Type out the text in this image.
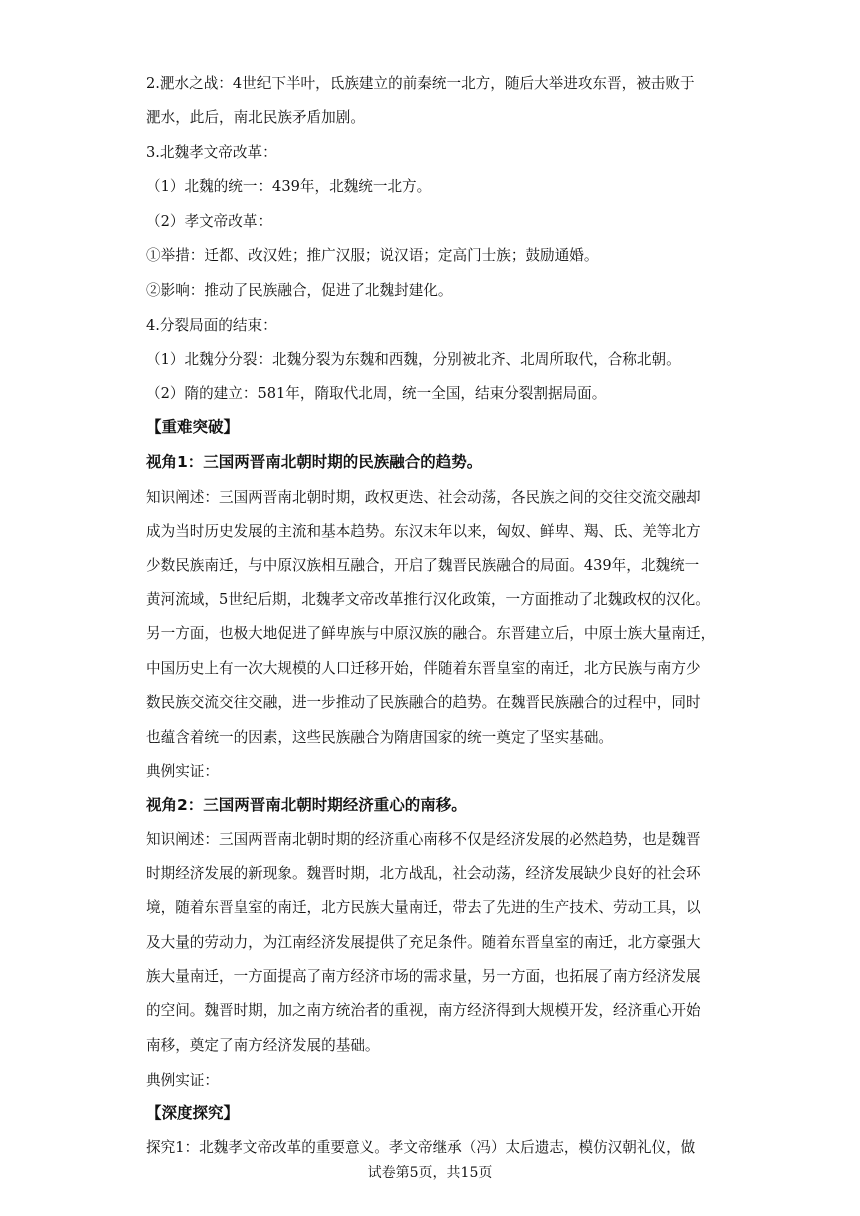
2.淝水之战：4世纪下半叶，氐族建立的前秦统一北方，随后大举进攻东晋，被击败于
淝水，此后，南北民族矛盾加剧。
3.北魏孝文帝改革：
（1）北魏的统一：439年，北魏统一北方。
（2）孝文帝改革：
①举措：迁都、改汉姓；推广汉服；说汉语；定高门士族；鼓励通婚。
②影响：推动了民族融合，促进了北魏封建化。
4.分裂局面的结束：
（1）北魏分分裂：北魏分裂为东魏和西魏，分别被北齐、北周所取代，合称北朝。
（2）隋的建立：581年，隋取代北周，统一全国，结束分裂割据局面。
【重难突破】
视角1：三国两晋南北朝时期的民族融合的趋势。
知识阐述：三国两晋南北朝时期，政权更迭、社会动荡，各民族之间的交往交流交融却
成为当时历史发展的主流和基本趋势。东汉末年以来，匈奴、鲜卑、羯、氐、羌等北方
少数民族南迁，与中原汉族相互融合，开启了魏晋民族融合的局面。439年，北魏统一
黄河流域，5世纪后期，北魏孝文帝改革推行汉化政策，一方面推动了北魏政权的汉化。
另一方面，也极大地促进了鲜卑族与中原汉族的融合。东晋建立后，中原士族大量南迁，
中国历史上有一次大规模的人口迁移开始，伴随着东晋皇室的南迁，北方民族与南方少
数民族交流交往交融，进一步推动了民族融合的趋势。在魏晋民族融合的过程中，同时
也蕴含着统一的因素，这些民族融合为隋唐国家的统一奠定了坚实基础。
典例实证：
视角2：三国两晋南北朝时期经济重心的南移。
知识阐述：三国两晋南北朝时期的经济重心南移不仅是经济发展的必然趋势，也是魏晋
时期经济发展的新现象。魏晋时期，北方战乱，社会动荡，经济发展缺少良好的社会环
境，随着东晋皇室的南迁，北方民族大量南迁，带去了先进的生产技术、劳动工具，以
及大量的劳动力，为江南经济发展提供了充足条件。随着东晋皇室的南迁，北方豪强大
族大量南迁，一方面提高了南方经济市场的需求量，另一方面，也拓展了南方经济发展
的空间。魏晋时期，加之南方统治者的重视，南方经济得到大规模开发，经济重心开始
南移，奠定了南方经济发展的基础。
典例实证：
【深度探究】
探究1：北魏孝文帝改革的重要意义。孝文帝继承（冯）太后遗志，模仿汉朝礼仪，做
试卷第5页，共15页
